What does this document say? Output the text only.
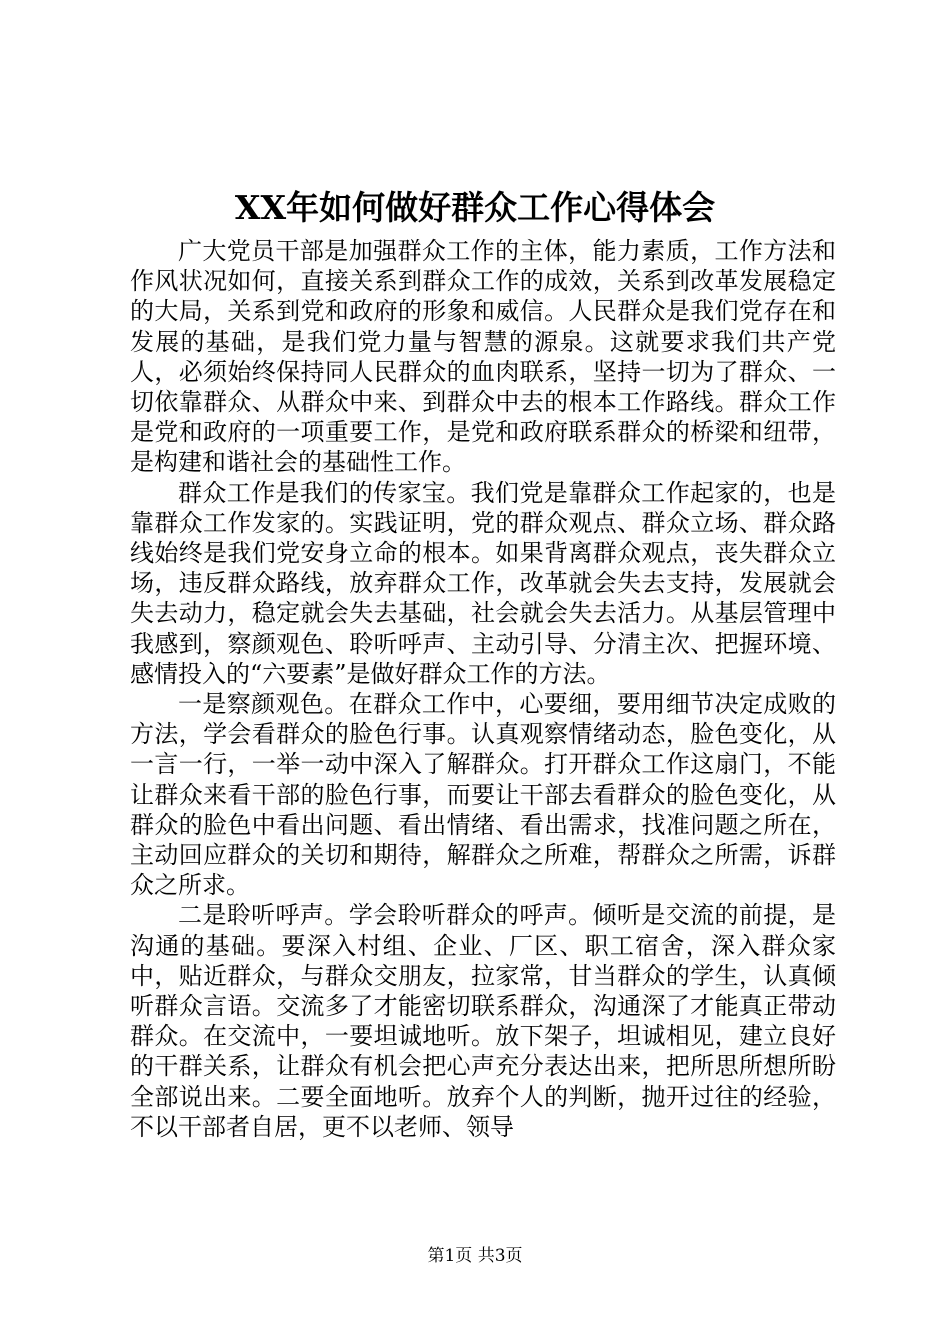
XX年如何做好群众工作心得体会

广大党员干部是加强群众工作的主体，能力素质，工作方法和作风状况如何，直接关系到群众工作的成效，关系到改革发展稳定的大局，关系到党和政府的形象和威信。人民群众是我们党存在和发展的基础，是我们党力量与智慧的源泉。这就要求我们共产党人，必须始终保持同人民群众的血肉联系，坚持一切为了群众、一切依靠群众、从群众中来、到群众中去的根本工作路线。群众工作是党和政府的一项重要工作，是党和政府联系群众的桥梁和纽带，是构建和谐社会的基础性工作。

群众工作是我们的传家宝。我们党是靠群众工作起家的，也是靠群众工作发家的。实践证明，党的群众观点、群众立场、群众路线始终是我们党安身立命的根本。如果背离群众观点，丧失群众立场，违反群众路线，放弃群众工作，改革就会失去支持，发展就会失去动力，稳定就会失去基础，社会就会失去活力。从基层管理中我感到，察颜观色、聆听呼声、主动引导、分清主次、把握环境、感情投入的“六要素”是做好群众工作的方法。

一是察颜观色。在群众工作中，心要细，要用细节决定成败的方法，学会看群众的脸色行事。认真观察情绪动态，脸色变化，从一言一行，一举一动中深入了解群众。打开群众工作这扇门，不能让群众来看干部的脸色行事，而要让干部去看群众的脸色变化，从群众的脸色中看出问题、看出情绪、看出需求，找准问题之所在，主动回应群众的关切和期待，解群众之所难，帮群众之所需，诉群众之所求。

二是聆听呼声。学会聆听群众的呼声。倾听是交流的前提，是沟通的基础。要深入村组、企业、厂区、职工宿舍，深入群众家中，贴近群众，与群众交朋友，拉家常，甘当群众的学生，认真倾听群众言语。交流多了才能密切联系群众，沟通深了才能真正带动群众。在交流中，一要坦诚地听。放下架子，坦诚相见，建立良好的干群关系，让群众有机会把心声充分表达出来，把所思所想所盼全部说出来。二要全面地听。放弃个人的判断，抛开过往的经验，不以干部者自居，更不以老师、领导

第1页 共3页
